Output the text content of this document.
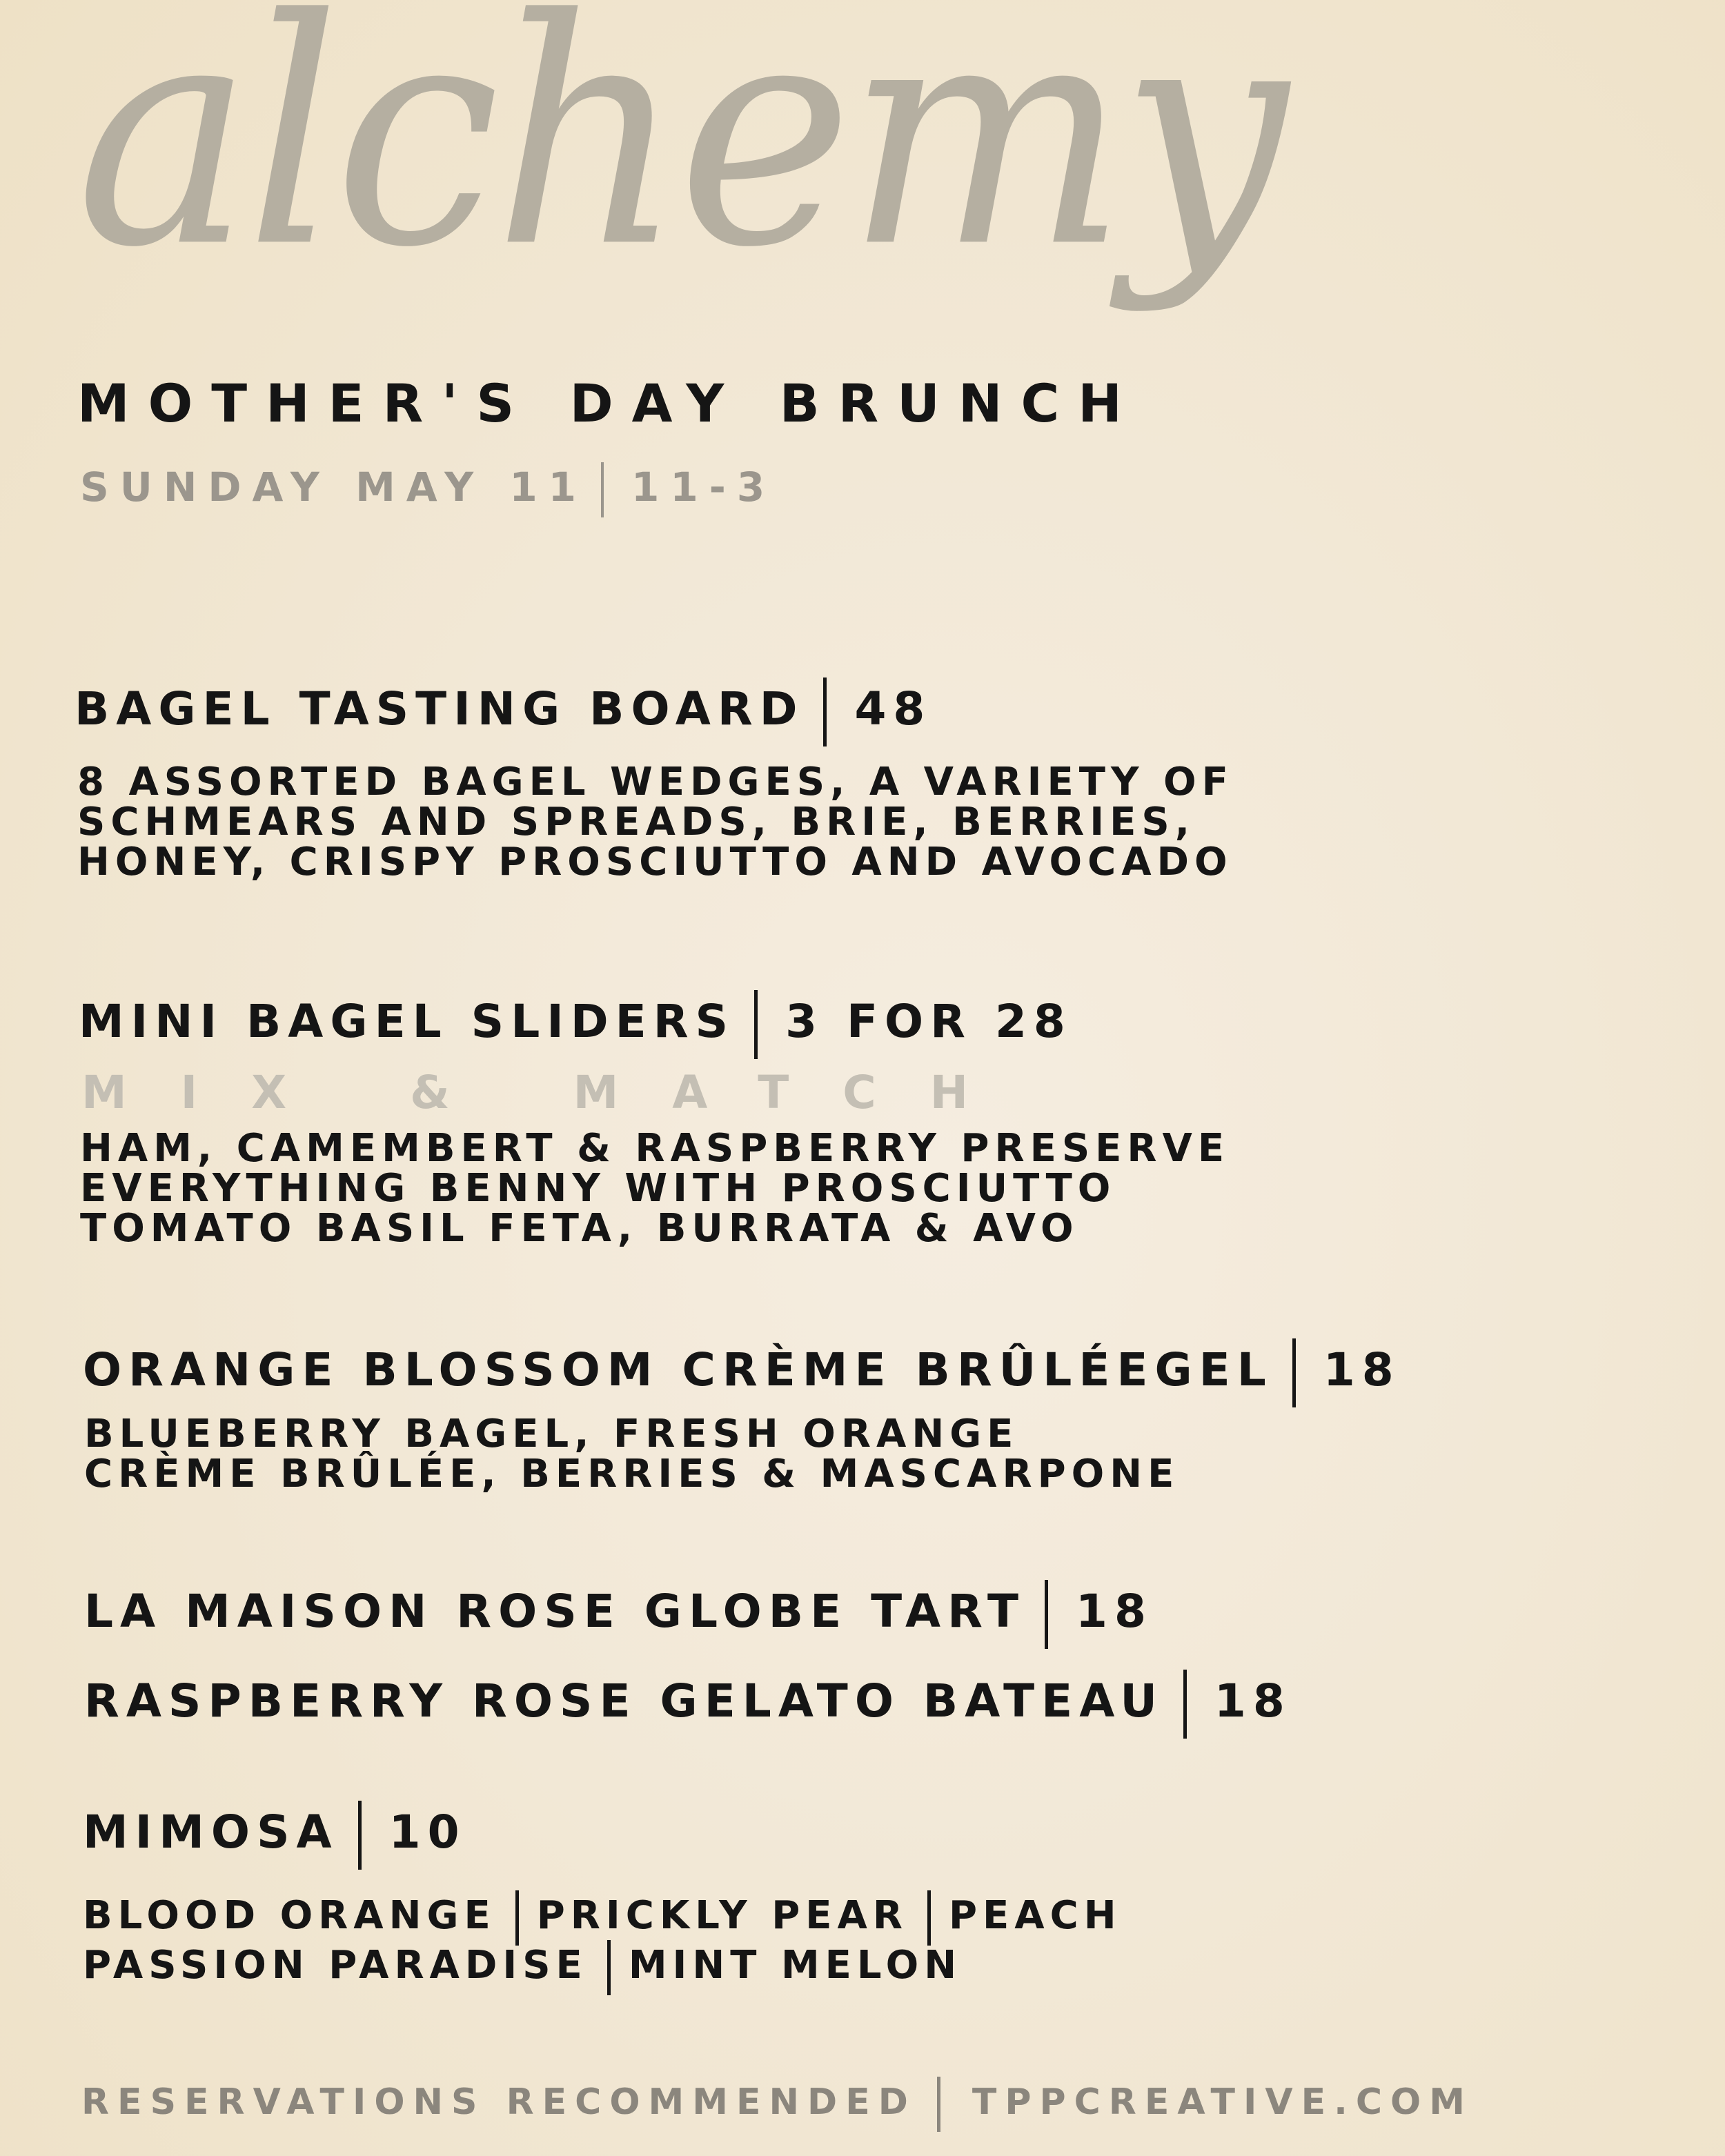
alchemy
MOTHER'S DAY BRUNCH
SUNDAY MAY 11 11-3
BAGEL TASTING BOARD 48
8 ASSORTED BAGEL WEDGES, A VARIETY OF
SCHMEARS AND SPREADS, BRIE, BERRIES,
HONEY, CRISPY PROSCIUTTO AND AVOCADO
MINI BAGEL SLIDERS 3 FOR 28
MIX & MATCH
HAM, CAMEMBERT & RASPBERRY PRESERVE
EVERYTHING BENNY WITH PROSCIUTTO
TOMATO BASIL FETA, BURRATA & AVO
ORANGE BLOSSOM CRÈME BRÛLÉEGEL 18
BLUEBERRY BAGEL, FRESH ORANGE
CRÈME BRÛLÉE, BERRIES & MASCARPONE
LA MAISON ROSE GLOBE TART 18
RASPBERRY ROSE GELATO BATEAU 18
MIMOSA 10
BLOOD ORANGE PRICKLY PEAR PEACH
PASSION PARADISE MINT MELON
RESERVATIONS RECOMMENDED TPPCREATIVE.COM
